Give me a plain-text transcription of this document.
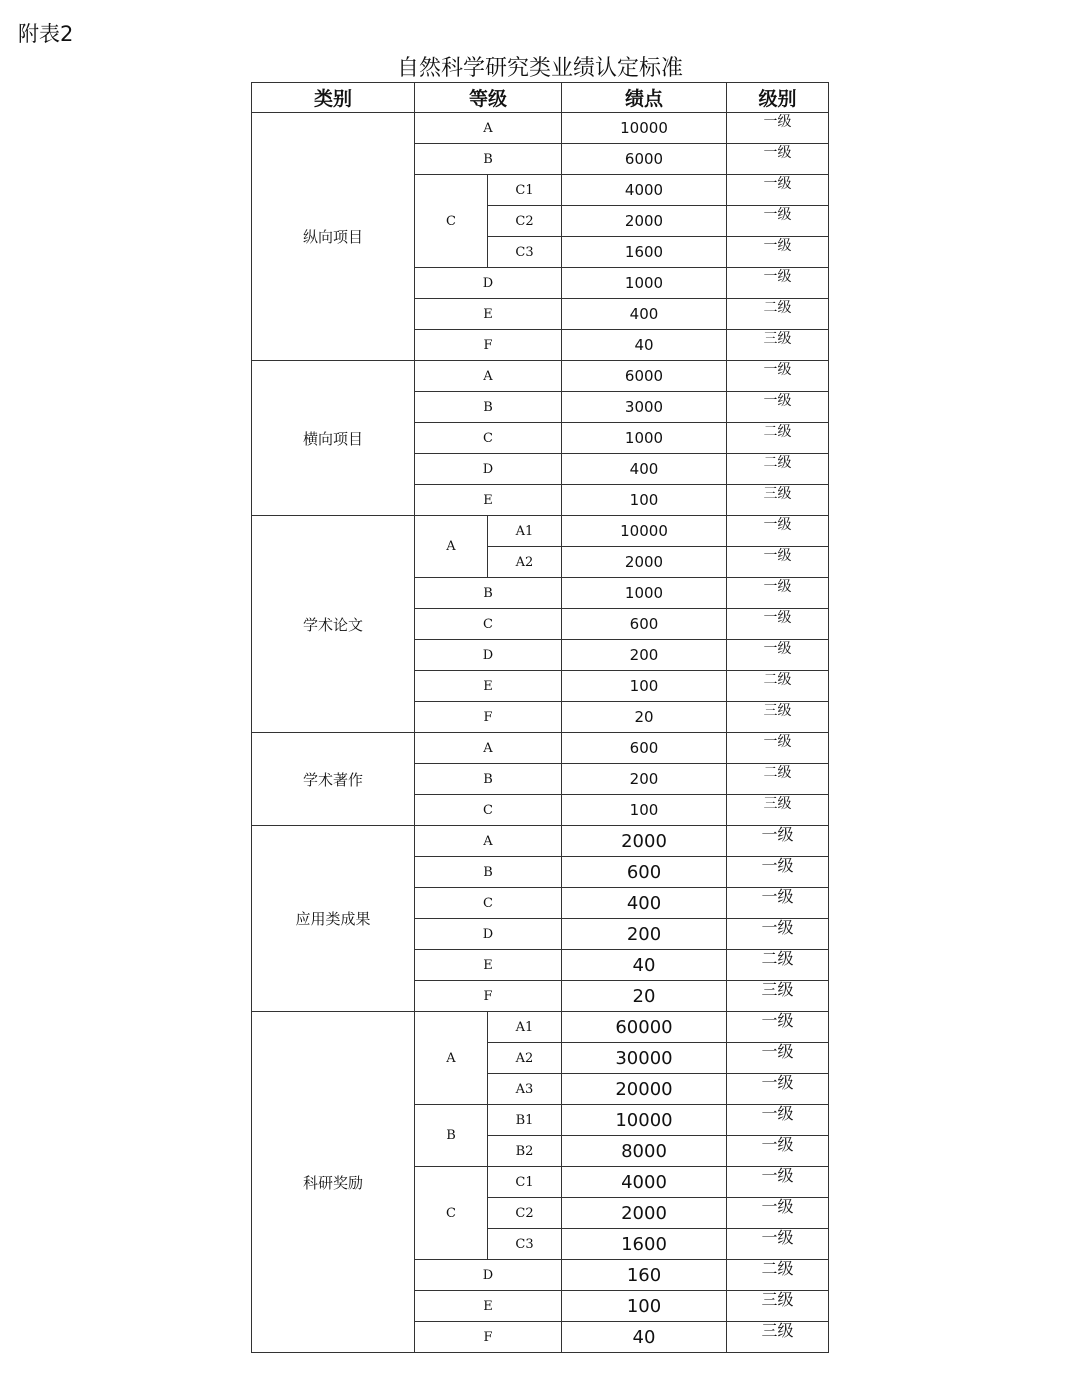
附表2
自然科学研究类业绩认定标准
类别	等级		绩点	级别
纵向项目	A		10000	一级
	B		6000	一级
	C	C1	4000	一级
		C2	2000	一级
		C3	1600	一级
	D		1000	一级
	E		400	二级
	F		40	三级
横向项目	A		6000	一级
	B		3000	一级
	C		1000	二级
	D		400	二级
	E		100	三级
学术论文	A	A1	10000	一级
		A2	2000	一级
	B		1000	一级
	C		600	一级
	D		200	一级
	E		100	二级
	F		20	三级
学术著作	A		600	一级
	B		200	二级
	C		100	三级
应用类成果	A		2000	一级
	B		600	一级
	C		400	一级
	D		200	一级
	E		40	二级
	F		20	三级
科研奖励	A	A1	60000	一级
		A2	30000	一级
		A3	20000	一级
	B	B1	10000	一级
		B2	8000	一级
	C	C1	4000	一级
		C2	2000	一级
		C3	1600	一级
	D		160	二级
	E		100	三级
	F		40	三级
